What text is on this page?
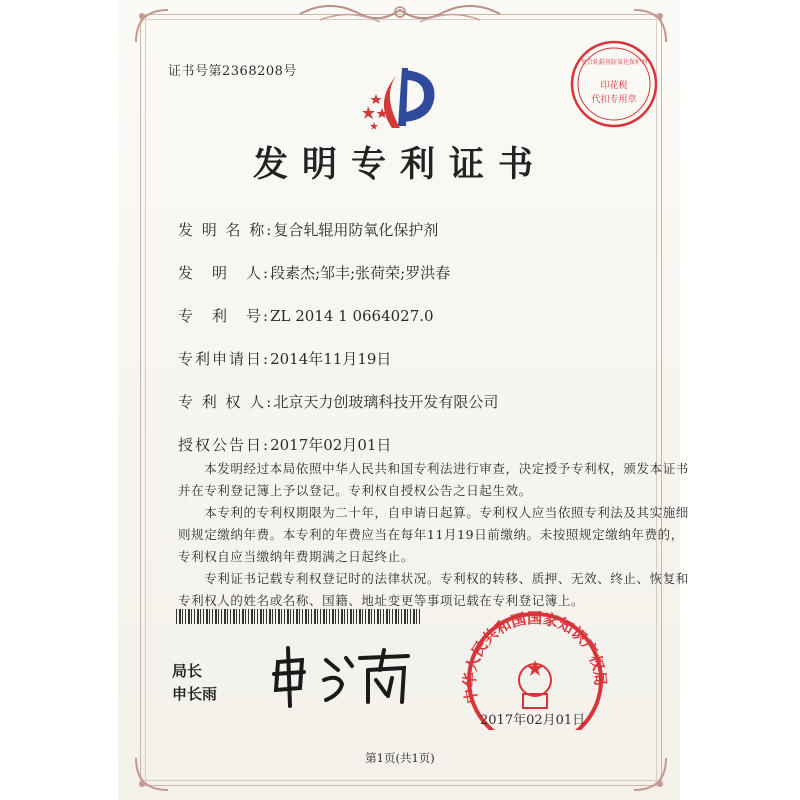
证书号第2368208号
印花税
代扣专用章
复合轧辊用防氧化保护剂
发明专利证书
发 明 名 称:复合轧辊用防氧化保护剂
发　明　人:段素杰;邹丰;张荷荣;罗洪春
专　利　号:ZL 2014 1 0664027.0
专利申请日:2014年11月19日
专 利 权 人:北京天力创玻璃科技开发有限公司
授权公告日:2017年02月01日

　　本发明经过本局依照中华人民共和国专利法进行审查，决定授予专利权，颁发本证书

并在专利登记簿上予以登记。专利权自授权公告之日起生效。

　　本专利的专利权期限为二十年，自申请日起算。专利权人应当依照专利法及其实施细

则规定缴纳年费。本专利的年费应当在每年11月19日前缴纳。未按照规定缴纳年费的，

专利权自应当缴纳年费期满之日起终止。

　　专利证书记载专利权登记时的法律状况。专利权的转移、质押、无效、终止、恢复和

专利权人的姓名或名称、国籍、地址变更等事项记载在专利登记簿上。

局长
申长雨	中华人民共和国国家知识产权局
2017年02月01日
第1页(共1页)
